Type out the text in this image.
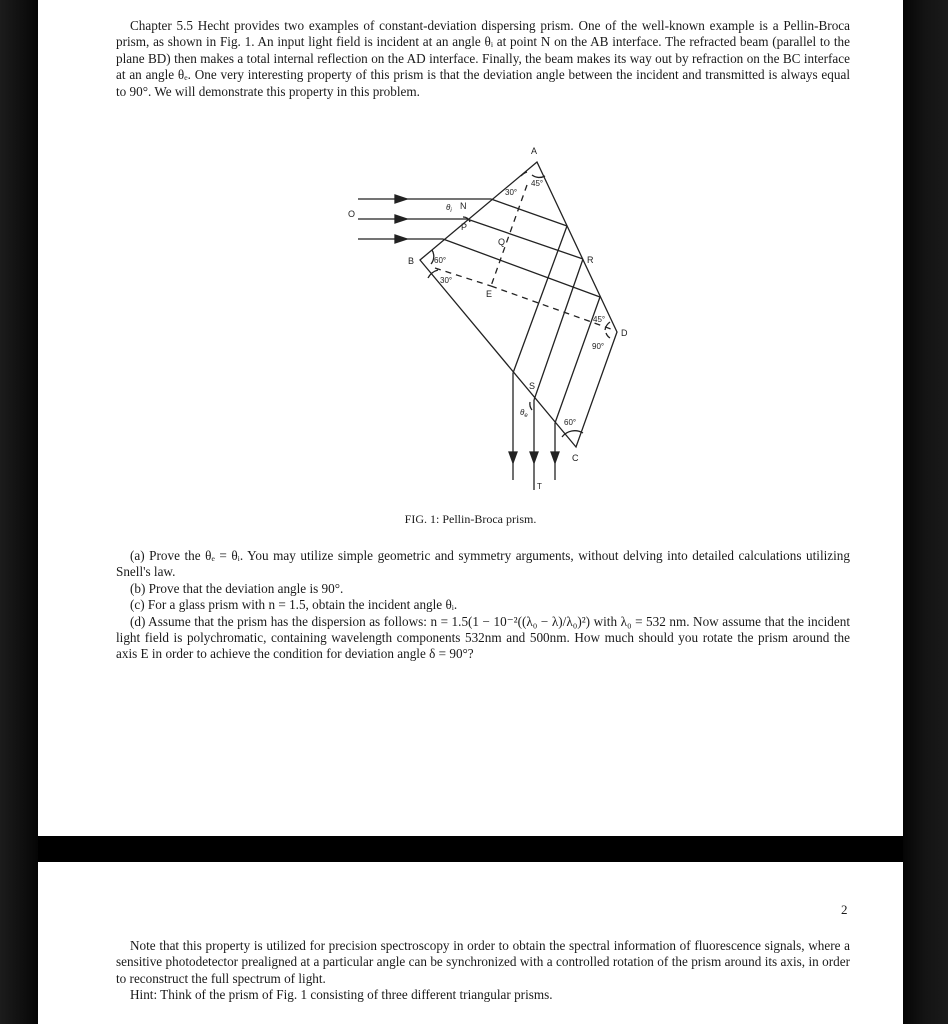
Chapter 5.5 Hecht provides two examples of constant-deviation dispersing prism. One of the well-known example is a Pellin-Broca prism, as shown in Fig. 1. An input light field is incident at an angle θᵢ at point N on the AB interface. The refracted beam (parallel to the plane BD) then makes a total internal reflection on the AD interface. Finally, the beam makes its way out by refraction on the BC interface at an angle θₑ. One very interesting property of this prism is that the deviation angle between the incident and transmitted is always equal to 90°. We will demonstrate this property in this problem.

A
B
C
D
E
N
O
P
Q
R
S
T
$\theta_i$
$\theta_e$
30°
45°
60°
30°
45°
90°
60°
FIG. 1: Pellin-Broca prism.

(a) Prove the θₑ = θᵢ. You may utilize simple geometric and symmetry arguments, without delving into detailed calculations utilizing Snell's law.

(b) Prove that the deviation angle is 90°.

(c) For a glass prism with n = 1.5, obtain the incident angle θᵢ.

(d) Assume that the prism has the dispersion as follows: n = 1.5(1 − 10⁻²((λ₀ − λ)/λ₀)²) with λ₀ = 532 nm. Now assume that the incident light field is polychromatic, containing wavelength components 532nm and 500nm. How much should you rotate the prism around the axis E in order to achieve the condition for deviation angle δ = 90°?

2

Note that this property is utilized for precision spectroscopy in order to obtain the spectral information of fluorescence signals, where a sensitive photodetector prealigned at a particular angle can be synchronized with a controlled rotation of the prism around its axis, in order to reconstruct the full spectrum of light.

Hint: Think of the prism of Fig. 1 consisting of three different triangular prisms.
